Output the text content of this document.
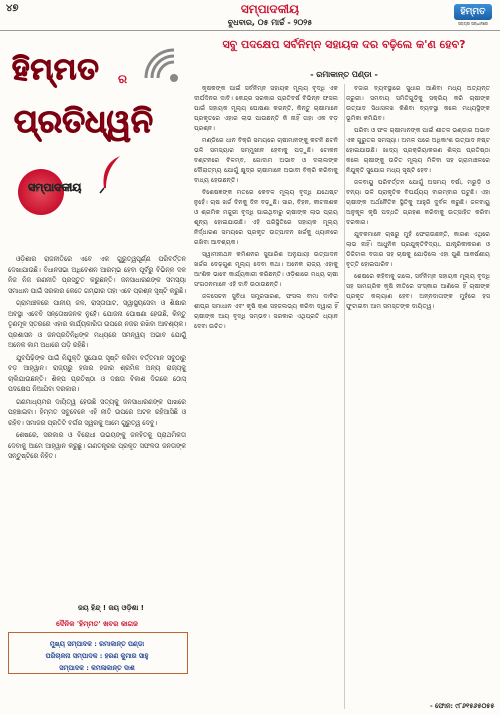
୪୭	ସମ୍ପାଦକୀୟ
ବୁଧବାର, ୦୫ ମାର୍ଚ୍ଚ - ୨୦୨୫
ହିମ୍ମତ
ସତ୍ୟର ସନ୍ଧାନରେ
ହିମ୍ମତ ର
ପ୍ରତିଧ୍ୱନି
ସମ୍ପାଦକୀୟ

ଓଡ଼ିଶାର ରାଜନୀତିରେ ଏବେ ଏକ ଗୁରୁତ୍ୱପୂର୍ଣ୍ଣ ପରିବର୍ତ୍ତନ ଦେଖାଯାଉଛି। ବିଧାନସଭା ଅଧିବେଶନ ଆରମ୍ଭ ହେବା ପୂର୍ବରୁ ବିଭିନ୍ନ ଦଳ ନିଜ ନିଜ ରଣନୀତି ପ୍ରସ୍ତୁତ କରୁଛନ୍ତି। ଜନସାଧାରଣଙ୍କ ସମସ୍ୟା ସମାଧାନ ପାଇଁ ସରକାର କେତେ ଗମ୍ଭୀର ତାହା ଏବେ ପ୍ରଶ୍ନ ସୃଷ୍ଟି କରୁଛି।

ଗ୍ରାମାଞ୍ଚଳରେ ପାନୀୟ ଜଳ, ରାସ୍ତାଘାଟ, ସ୍ୱାସ୍ଥ୍ୟସେବା ଓ ଶିକ୍ଷାର ଅବସ୍ଥା ଏବେବି ସନ୍ତୋଷଜନକ ନୁହେଁ। ଯୋଜନା ଘୋଷଣା ହେଉଛି, କିନ୍ତୁ ତୃଣମୂଳ ସ୍ତରରେ ଏହାର କାର୍ଯ୍ୟକାରିତା ଉପରେ ନଜର ରଖିବା ଆବଶ୍ୟକ। ପ୍ରଶାସନ ଓ ଜନପ୍ରତିନିଧିଙ୍କ ମଧ୍ୟରେ ସମନ୍ୱୟ ଅଭାବ ଯୋଗୁଁ ଅନେକ କାମ ଅଧାରେ ପଡ଼ି ରହିଛି।

ଯୁବପିଢ଼ିଙ୍କ ପାଇଁ ନିଯୁକ୍ତି ସୁଯୋଗ ସୃଷ୍ଟି କରିବା ବର୍ତ୍ତମାନ ସବୁଠାରୁ ବଡ଼ ଆହ୍ୱାନ। ରାଜ୍ୟରୁ ହଜାର ହଜାର ଶ୍ରମିକ ଅନ୍ୟ ରାଜ୍ୟକୁ ଚାଲିଯାଉଛନ୍ତି। ଶିଳ୍ପ ପ୍ରତିଷ୍ଠା ଓ ଦକ୍ଷତା ବିକାଶ ଦିଗରେ ଠୋସ୍ ପଦକ୍ଷେପ ନିଆଯିବା ଦରକାର।

ଗଣମାଧ୍ୟମର ଦାୟିତ୍ୱ ହେଉଛି ସତ୍ୟକୁ ଜନସାଧାରଣଙ୍କ ପାଖରେ ପହଞ୍ଚାଇବା। ହିମ୍ମତ ସବୁବେଳେ ଏହି ନୀତି ଉପରେ ଅଟଳ ରହିଆସିଛି ଓ ରହିବ। ସମାଜର ପ୍ରତିଟି ବର୍ଗର ସ୍ୱରକୁ ଆମେ ଗୁରୁତ୍ୱ ଦେବୁ।

ଶେଷରେ, ସରକାର ଓ ବିରୋଧୀ ଉଭୟଙ୍କୁ ଜନହିତକୁ ପ୍ରାଥମିକତା ଦେବାକୁ ଆମେ ଆହ୍ୱାନ କରୁଛୁ। ଗଣତନ୍ତ୍ରର ପ୍ରକୃତ ସଫଳତା ଜନତାଙ୍କ ସନ୍ତୁଷ୍ଟିରେ ନିହିତ।

ଜୟ ହିନ୍ଦ୍ ! ଜୟ ଓଡ଼ିଶା !
ଦୈନିକ 'ହିମ୍ମତ' ଖବର କାଗଜ
ମୁଖ୍ୟ ସମ୍ପାଦକ : ରମାକାନ୍ତ ପଣ୍ଡା
ପରିଚାଳନା ସମ୍ପାଦକ : ହରଣ କୁମାର ସାହୁ
ସମ୍ପାଦକ : କମଳାକାନ୍ତ ଦାଶ
ସବୁ ପଦକ୍ଷେପ ସର୍ବନିମ୍ନ ସହାୟକ ଦର ବଢ଼ିଲେ କ'ଣ ହେବ?
- ରମାକାନ୍ତ ପଣ୍ଡା -

କୃଷକଙ୍କ ପାଇଁ ସର୍ବନିମ୍ନ ସହାୟକ ମୂଲ୍ୟ ବୃଦ୍ଧି ଏକ ଦୀର୍ଘଦିନର ଦାବି। କେନ୍ଦ୍ର ସରକାର ପ୍ରତିବର୍ଷ ବିଭିନ୍ନ ଫସଲ ପାଇଁ ସହାୟକ ମୂଲ୍ୟ ଘୋଷଣା କରନ୍ତି, କିନ୍ତୁ ଚାଷୀମାନେ ପ୍ରକୃତରେ ଏହାର ଲାଭ ପାଉଛନ୍ତି କି ନାହିଁ ତାହା ଏକ ବଡ଼ ପ୍ରଶ୍ନ।

ମଣ୍ଡିରେ ଧାନ ବିକ୍ରି ସମୟରେ ଚାଷୀମାନଙ୍କୁ କଟନି ଛଟନି ଭଳି ସମସ୍ୟାର ସମ୍ମୁଖୀନ ହେବାକୁ ପଡ଼ୁଛି। ଟୋକନ ବଣ୍ଟନରେ ବିଳମ୍ବ, ଗୋଦାମ ଅଭାବ ଓ ଦଲାଲଙ୍କ ଦୌରାତ୍ମ୍ୟ ଯୋଗୁଁ କ୍ଷୁଦ୍ର ଚାଷୀମାନେ ଅଭାବୀ ବିକ୍ରି କରିବାକୁ ବାଧ୍ୟ ହେଉଛନ୍ତି।

ବିଶେଷଜ୍ଞଙ୍କ ମତରେ କେବଳ ମୂଲ୍ୟ ବୃଦ୍ଧି ଯଥେଷ୍ଟ ନୁହେଁ। ଚାଷ ଖର୍ଚ୍ଚ ଦିନକୁ ଦିନ ବଢ଼ୁଛି। ସାର, ବିହନ, କୀଟନାଶକ ଓ ଶ୍ରମିକ ମଜୁରୀ ବୃଦ୍ଧି ପାଇଥିବାରୁ ଚାଷୀଙ୍କ ଲାଭ ପ୍ରାୟ ଶୂନ୍ୟ ହୋଇଯାଉଛି। ଏହି ପରିସ୍ଥିତିରେ ସହାୟକ ମୂଲ୍ୟ ନିର୍ଦ୍ଧାରଣ ସମୟରେ ପ୍ରକୃତ ଉତ୍ପାଦନ ଖର୍ଚ୍ଚକୁ ଧ୍ୟାନରେ ରଖିବା ଆବଶ୍ୟକ।

ସ୍ୱାମୀନାଥନ କମିଶନର ସୁପାରିଶ ଅନୁଯାୟୀ ଉତ୍ପାଦନ ଖର୍ଚ୍ଚର ଦେଢ଼ଗୁଣ ମୂଲ୍ୟ ଦେବା କଥା। ଅନେକ ରାଜ୍ୟ ଏହାକୁ ଆଂଶିକ ଭାବେ କାର୍ଯ୍ୟକାରୀ କରିଛନ୍ତି। ଓଡ଼ିଶାରେ ମଧ୍ୟ ଚାଷୀ ସଂଗଠନମାନେ ଏହି ଦାବି ଉଠାଉଛନ୍ତି।

ଜଳସେଚନ ସୁବିଧା ସମ୍ପ୍ରସାରଣ, ଫସଲ ବୀମା ଦାବିର ଶୀଘ୍ର ସମାଧାନ ଏବଂ କୃଷି ଋଣ ସହଜଲଭ୍ୟ କରିବା ଦ୍ୱାରା ହିଁ ଚାଷୀଙ୍କ ଆୟ ବୃଦ୍ଧି ସମ୍ଭବ। ସରକାର ଏଥିପ୍ରତି ଧ୍ୟାନ ଦେବା ଉଚିତ।

ବଜାର ବ୍ୟବସ୍ଥାରେ ସୁଧାର ଆଣିବା ମଧ୍ୟ ଅତ୍ୟନ୍ତ ଜରୁରୀ। ସମବାୟ ସମିତିଗୁଡ଼ିକୁ ସକ୍ରିୟ କରି ଚାଷୀଙ୍କ ଉତ୍ପାଦ ସିଧାସଳଖ କିଣିବା ବ୍ୟବସ୍ଥା କଲେ ମଧ୍ୟସ୍ଥିଙ୍କ ଭୂମିକା କମିଯିବ।

ପରିବା ଓ ଫଳ ଚାଷୀମାନଙ୍କ ପାଇଁ ଶୀତଳ ଭଣ୍ଡାର ଅଭାବ ଏକ ଗୁରୁତର ସମସ୍ୟା। ଅମଳ ପରେ ଅଧିକାଂଶ ଉତ୍ପାଦ ନଷ୍ଟ ହୋଇଯାଉଛି। ଖାଦ୍ୟ ପ୍ରକ୍ରିୟାକରଣ ଶିଳ୍ପ ପ୍ରତିଷ୍ଠା କଲେ ଚାଷୀଙ୍କୁ ଉଚିତ ମୂଲ୍ୟ ମିଳିବା ସହ ଗ୍ରାମାଞ୍ଚଳରେ ନିଯୁକ୍ତି ସୁଯୋଗ ମଧ୍ୟ ସୃଷ୍ଟି ହେବ।

ଜଳବାୟୁ ପରିବର୍ତ୍ତନ ଯୋଗୁଁ ଅସମୟ ବର୍ଷା, ମରୁଡ଼ି ଓ ବନ୍ୟା ଭଳି ପ୍ରାକୃତିକ ବିପର୍ଯ୍ୟୟ ବାରମ୍ବାର ଘଟୁଛି। ଏହା ଚାଷୀଙ୍କ ଅର୍ଥନୈତିକ ସ୍ଥିତିକୁ ଆହୁରି ଦୁର୍ବଳ କରୁଛି। ଜଳବାୟୁ ଅନୁକୂଳ କୃଷି ପଦ୍ଧତି ଗ୍ରହଣ କରିବାକୁ ଉତ୍ସାହିତ କରିବା ଦରକାର।

ଯୁବକମାନେ ଚାଷରୁ ମୁହଁ ଫେରାଉଛନ୍ତି, କାରଣ ଏଥିରେ ଲାଭ ନାହିଁ। ଆଧୁନିକ ପ୍ରଯୁକ୍ତିବିଦ୍ୟା, ଯାନ୍ତ୍ରିକୀକରଣ ଓ ଡିଜିଟାଲ ବଜାର ସହ ଚାଷକୁ ଯୋଡ଼ିଲେ ଏହା ପୁଣି ଆକର୍ଷଣୀୟ ବୃତ୍ତି ହୋଇପାରିବ।

ଶେଷରେ କହିବାକୁ ଗଲେ, ସର୍ବନିମ୍ନ ସହାୟକ ମୂଲ୍ୟ ବୃଦ୍ଧି ସହ ସାମଗ୍ରିକ କୃଷି ନୀତିରେ ସଂସ୍କାର ଆଣିଲେ ହିଁ ଚାଷୀଙ୍କ ପ୍ରକୃତ କଲ୍ୟାଣ ହେବ। ଅନ୍ନଦାତାଙ୍କ ମୁହଁରେ ହସ ଫୁଟାଇବା ଆମ ସମସ୍ତଙ୍କ ଦାୟିତ୍ୱ।

- ଫୋନ: ୯୮୬୧୫୬୫୦୫୫
